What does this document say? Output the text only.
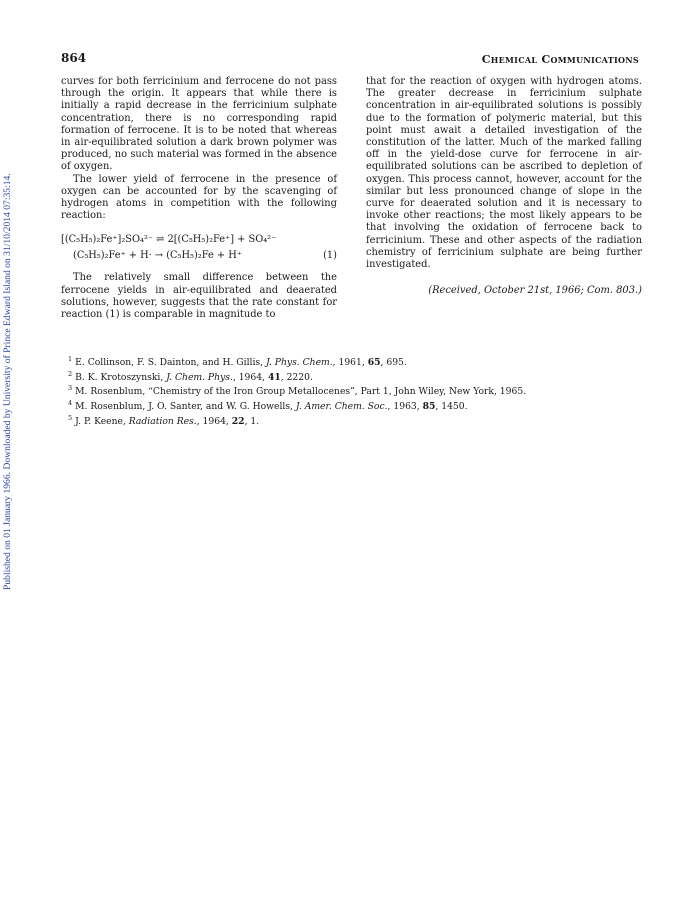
Published on 01 January 1966. Downloaded by University of Prince Edward Island on 31/10/2014 07:35:14.
864	Chemical Communications

curves for both ferricinium and ferrocene do not pass through the origin. It appears that while there is initially a rapid decrease in the ferricinium sulphate concentration, there is no corresponding rapid formation of ferrocene. It is to be noted that whereas in air-equilibrated solution a dark brown polymer was produced, no such material was formed in the absence of oxygen.

The lower yield of ferrocene in the presence of oxygen can be accounted for by the scavenging of hydrogen atoms in competition with the following reaction:

[(C₅H₅)₂Fe⁺]₂SO₄²⁻ ⇌ 2[(C₅H₅)₂Fe⁺] + SO₄²⁻
(C₅H₅)₂Fe⁺ + H· → (C₅H₅)₂Fe + H⁺	(1)

The relatively small difference between the ferrocene yields in air-equilibrated and deaerated solutions, however, suggests that the rate constant for reaction (1) is comparable in magnitude to

that for the reaction of oxygen with hydrogen atoms. The greater decrease in ferricinium sulphate concentration in air-equilibrated solutions is possibly due to the formation of polymeric material, but this point must await a detailed investigation of the constitution of the latter. Much of the marked falling off in the yield-dose curve for ferrocene in air-equilibrated solutions can be ascribed to depletion of oxygen. This process cannot, however, account for the similar but less pronounced change of slope in the curve for deaerated solution and it is necessary to invoke other reactions; the most likely appears to be that involving the oxidation of ferrocene back to ferricinium. These and other aspects of the radiation chemistry of ferricinium sulphate are being further investigated.

(Received, October 21st, 1966; Com. 803.)
$^1$ E. Collinson, F. S. Dainton, and H. Gillis, J. Phys. Chem., 1961, 65, 695.
$^2$ B. K. Krotoszynski, J. Chem. Phys., 1964, 41, 2220.
$^3$ M. Rosenblum, “Chemistry of the Iron Group Metallocenes”, Part 1, John Wiley, New York, 1965.
$^4$ M. Rosenblum, J. O. Santer, and W. G. Howells, J. Amer. Chem. Soc., 1963, 85, 1450.
$^5$ J. P. Keene, Radiation Res., 1964, 22, 1.
